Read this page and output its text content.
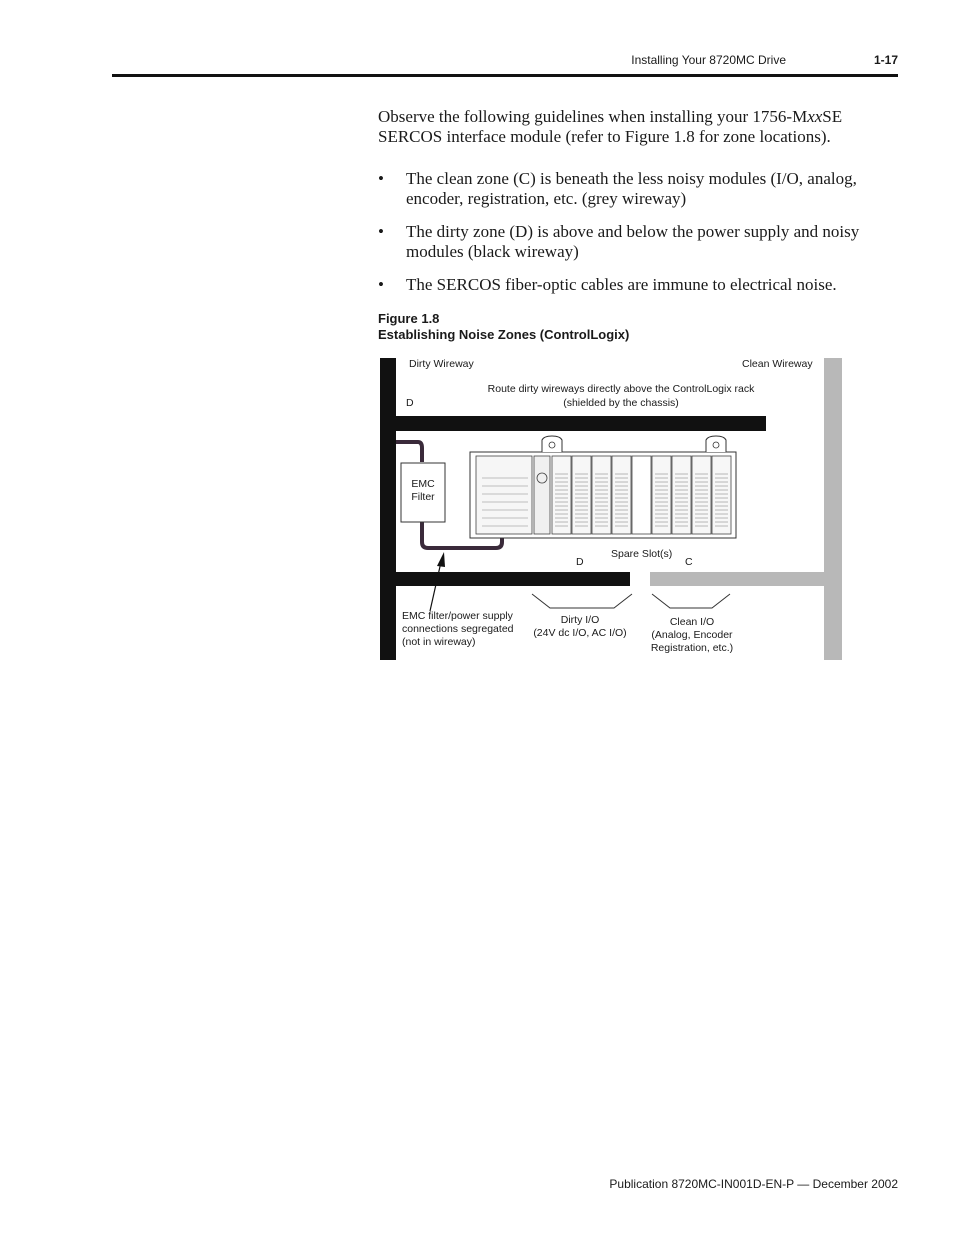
Installing Your 8720MC Drive	1-17

Observe the following guidelines when installing your 1756-MxxSE SERCOS interface module (refer to Figure 1.8 for zone locations).

• The clean zone (C) is beneath the less noisy modules (I/O, analog, encoder, registration, etc. (grey wireway)
• The dirty zone (D) is above and below the power supply and noisy modules (black wireway)
• The SERCOS fiber-optic cables are immune to electrical noise.
Figure 1.8
Establishing Noise Zones (ControlLogix)
Dirty Wireway	Clean Wireway
Route dirty wireways directly above the ControlLogix rack
(shielded by the chassis)
D
EMC
Filter
Spare Slot(s)
D	C
EMC filter/power supply
connections segregated
(not in wireway)
Dirty I/O
(24V dc I/O, AC I/O)
Clean I/O
(Analog, Encoder
Registration, etc.)
Publication 8720MC-IN001D-EN-P — December 2002
